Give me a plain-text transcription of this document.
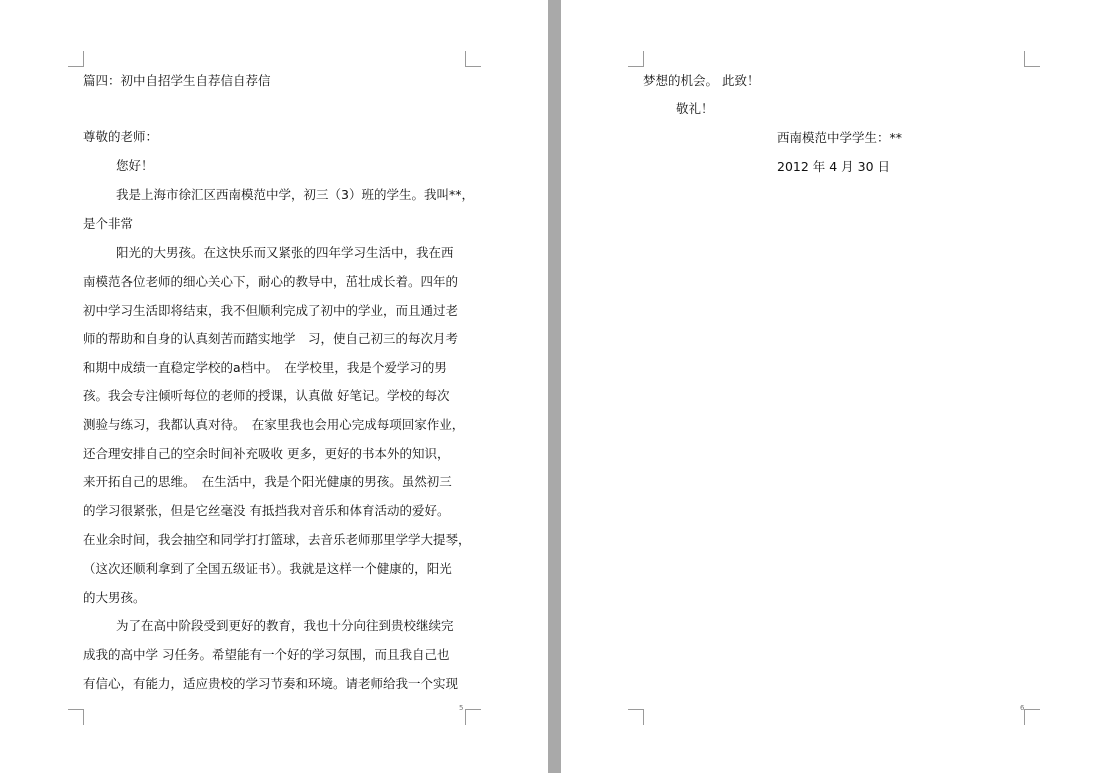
篇四：初中自招学生自荐信自荐信
尊敬的老师：
您好！
我是上海市徐汇区西南模范中学，初三（3）班的学生。我叫**，
是个非常
阳光的大男孩。在这快乐而又紧张的四年学习生活中，我在西
南模范各位老师的细心关心下，耐心的教导中，茁壮成长着。四年的
初中学习生活即将结束，我不但顺利完成了初中的学业，而且通过老
师的帮助和自身的认真刻苦而踏实地学　习，使自己初三的每次月考
和期中成绩一直稳定学校的a档中。　在学校里，我是个爱学习的男
孩。我会专注倾听每位的老师的授课，认真做 好笔记。学校的每次
测验与练习，我都认真对待。　在家里我也会用心完成每项回家作业，
还合理安排自己的空余时间补充吸收 更多，更好的书本外的知识，
来开拓自己的思维。　在生活中，我是个阳光健康的男孩。虽然初三
的学习很紧张，但是它丝毫没 有抵挡我对音乐和体育活动的爱好。
在业余时间，我会抽空和同学打打篮球，去音乐老师那里学学大提琴，
（这次还顺利拿到了全国五级证书）。我就是这样一个健康的，阳光
的大男孩。
为了在高中阶段受到更好的教育，我也十分向往到贵校继续完
成我的高中学 习任务。希望能有一个好的学习氛围，而且我自己也
有信心，有能力，适应贵校的学习节奏和环境。请老师给我一个实现
5
梦想的机会。 此致！
敬礼！
西南模范中学学生：**
2012 年 4 月 30 日
6
